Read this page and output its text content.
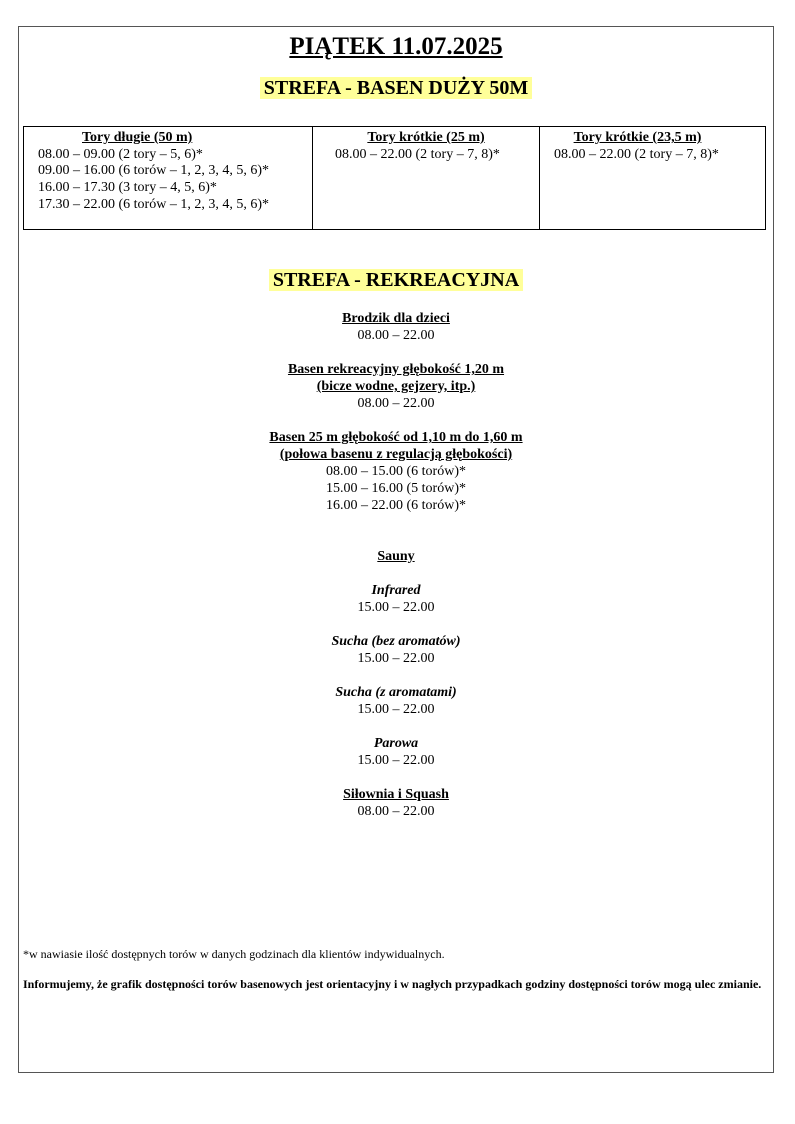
PIĄTEK 11.07.2025
STREFA - BASEN DUŻY 50M
Tory długie (50 m)
08.00 – 09.00 (2 tory – 5, 6)*
09.00 – 16.00 (6 torów – 1, 2, 3, 4, 5, 6)*
16.00 – 17.30 (3 tory – 4, 5, 6)*
17.30 – 22.00 (6 torów – 1, 2, 3, 4, 5, 6)*

Tory krótkie (25 m)
08.00 – 22.00 (2 tory – 7, 8)*

Tory krótkie (23,5 m)
08.00 – 22.00 (2 tory – 7, 8)*
STREFA - REKREACYJNA
Brodzik dla dzieci
08.00 – 22.00
Basen rekreacyjny głębokość 1,20 m
(bicze wodne, gejzery, itp.)
08.00 – 22.00
Basen 25 m głębokość od 1,10 m do 1,60 m
(połowa basenu z regulacją głębokości)
08.00 – 15.00 (6 torów)*
15.00 – 16.00 (5 torów)*
16.00 – 22.00 (6 torów)*
Sauny
Infrared
15.00 – 22.00
Sucha (bez aromatów)
15.00 – 22.00
Sucha (z aromatami)
15.00 – 22.00
Parowa
15.00 – 22.00
Siłownia i Squash
08.00 – 22.00
*w nawiasie ilość dostępnych torów w danych godzinach dla klientów indywidualnych.
Informujemy, że grafik dostępności torów basenowych jest orientacyjny i w nagłych przypadkach godziny dostępności torów mogą ulec zmianie.
